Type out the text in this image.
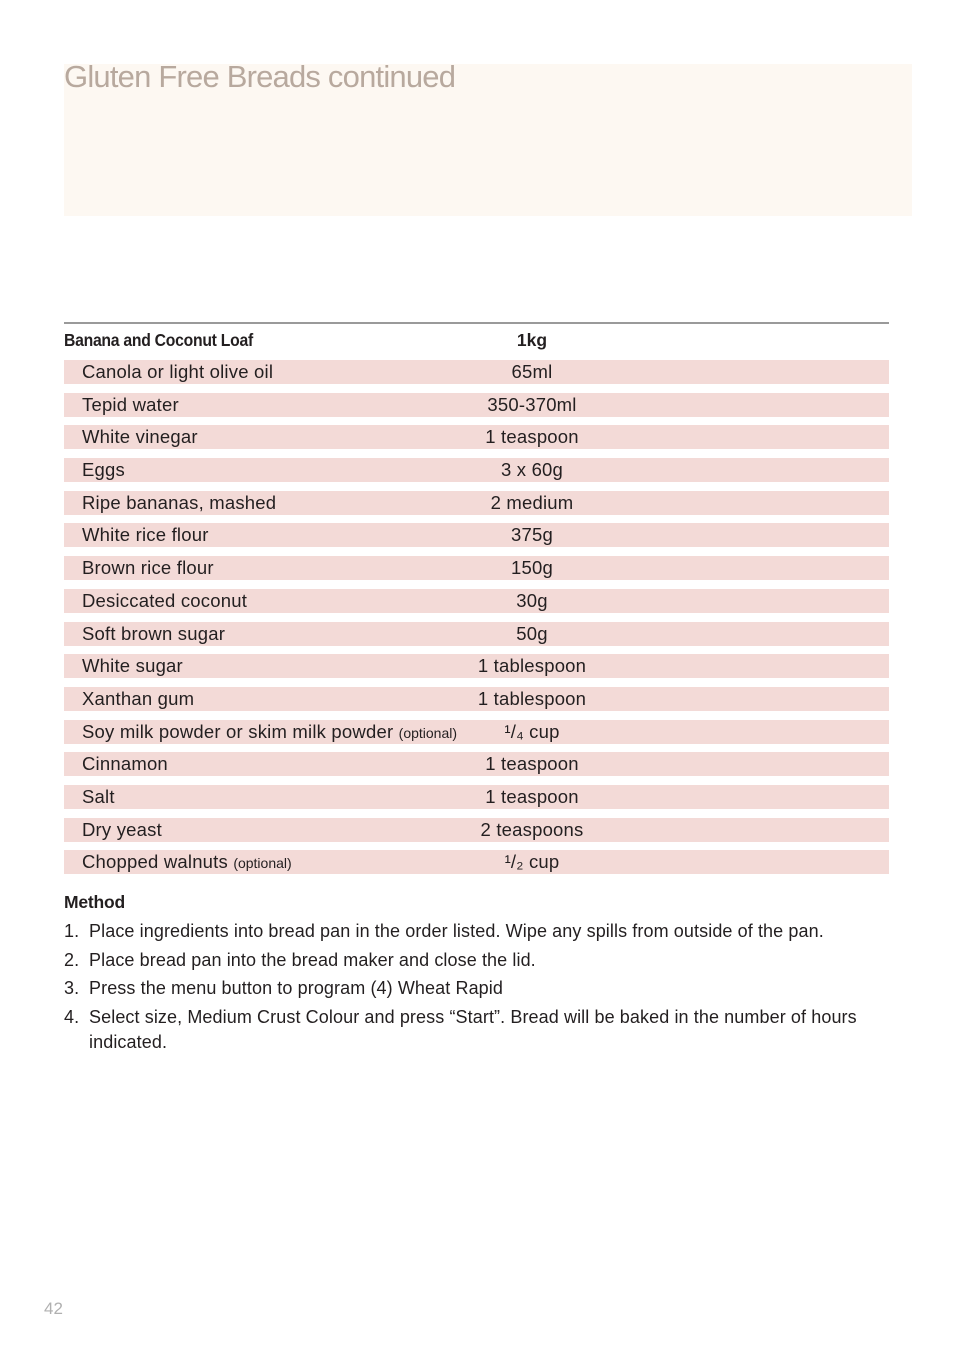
Gluten Free Breads continued
Banana and Coconut Loaf	1kg
Canola or light olive oil	65ml
Tepid water	350-370ml
White vinegar	1 teaspoon
Eggs	3 x 60g
Ripe bananas, mashed	2 medium
White rice flour	375g
Brown rice flour	150g
Desiccated coconut	30g
Soft brown sugar	50g
White sugar	1 tablespoon
Xanthan gum	1 tablespoon
Soy milk powder or skim milk powder (optional)	¹/₄ cup
Cinnamon	1 teaspoon
Salt	1 teaspoon
Dry yeast	2 teaspoons
Chopped walnuts (optional)	¹/₂ cup
Method
1. Place ingredients into bread pan in the order listed. Wipe any spills from outside of the pan.
2. Place bread pan into the bread maker and close the lid.
3. Press the menu button to program (4) Wheat Rapid
4. Select size, Medium Crust Colour and press “Start”. Bread will be baked in the number of hours indicated.
42
